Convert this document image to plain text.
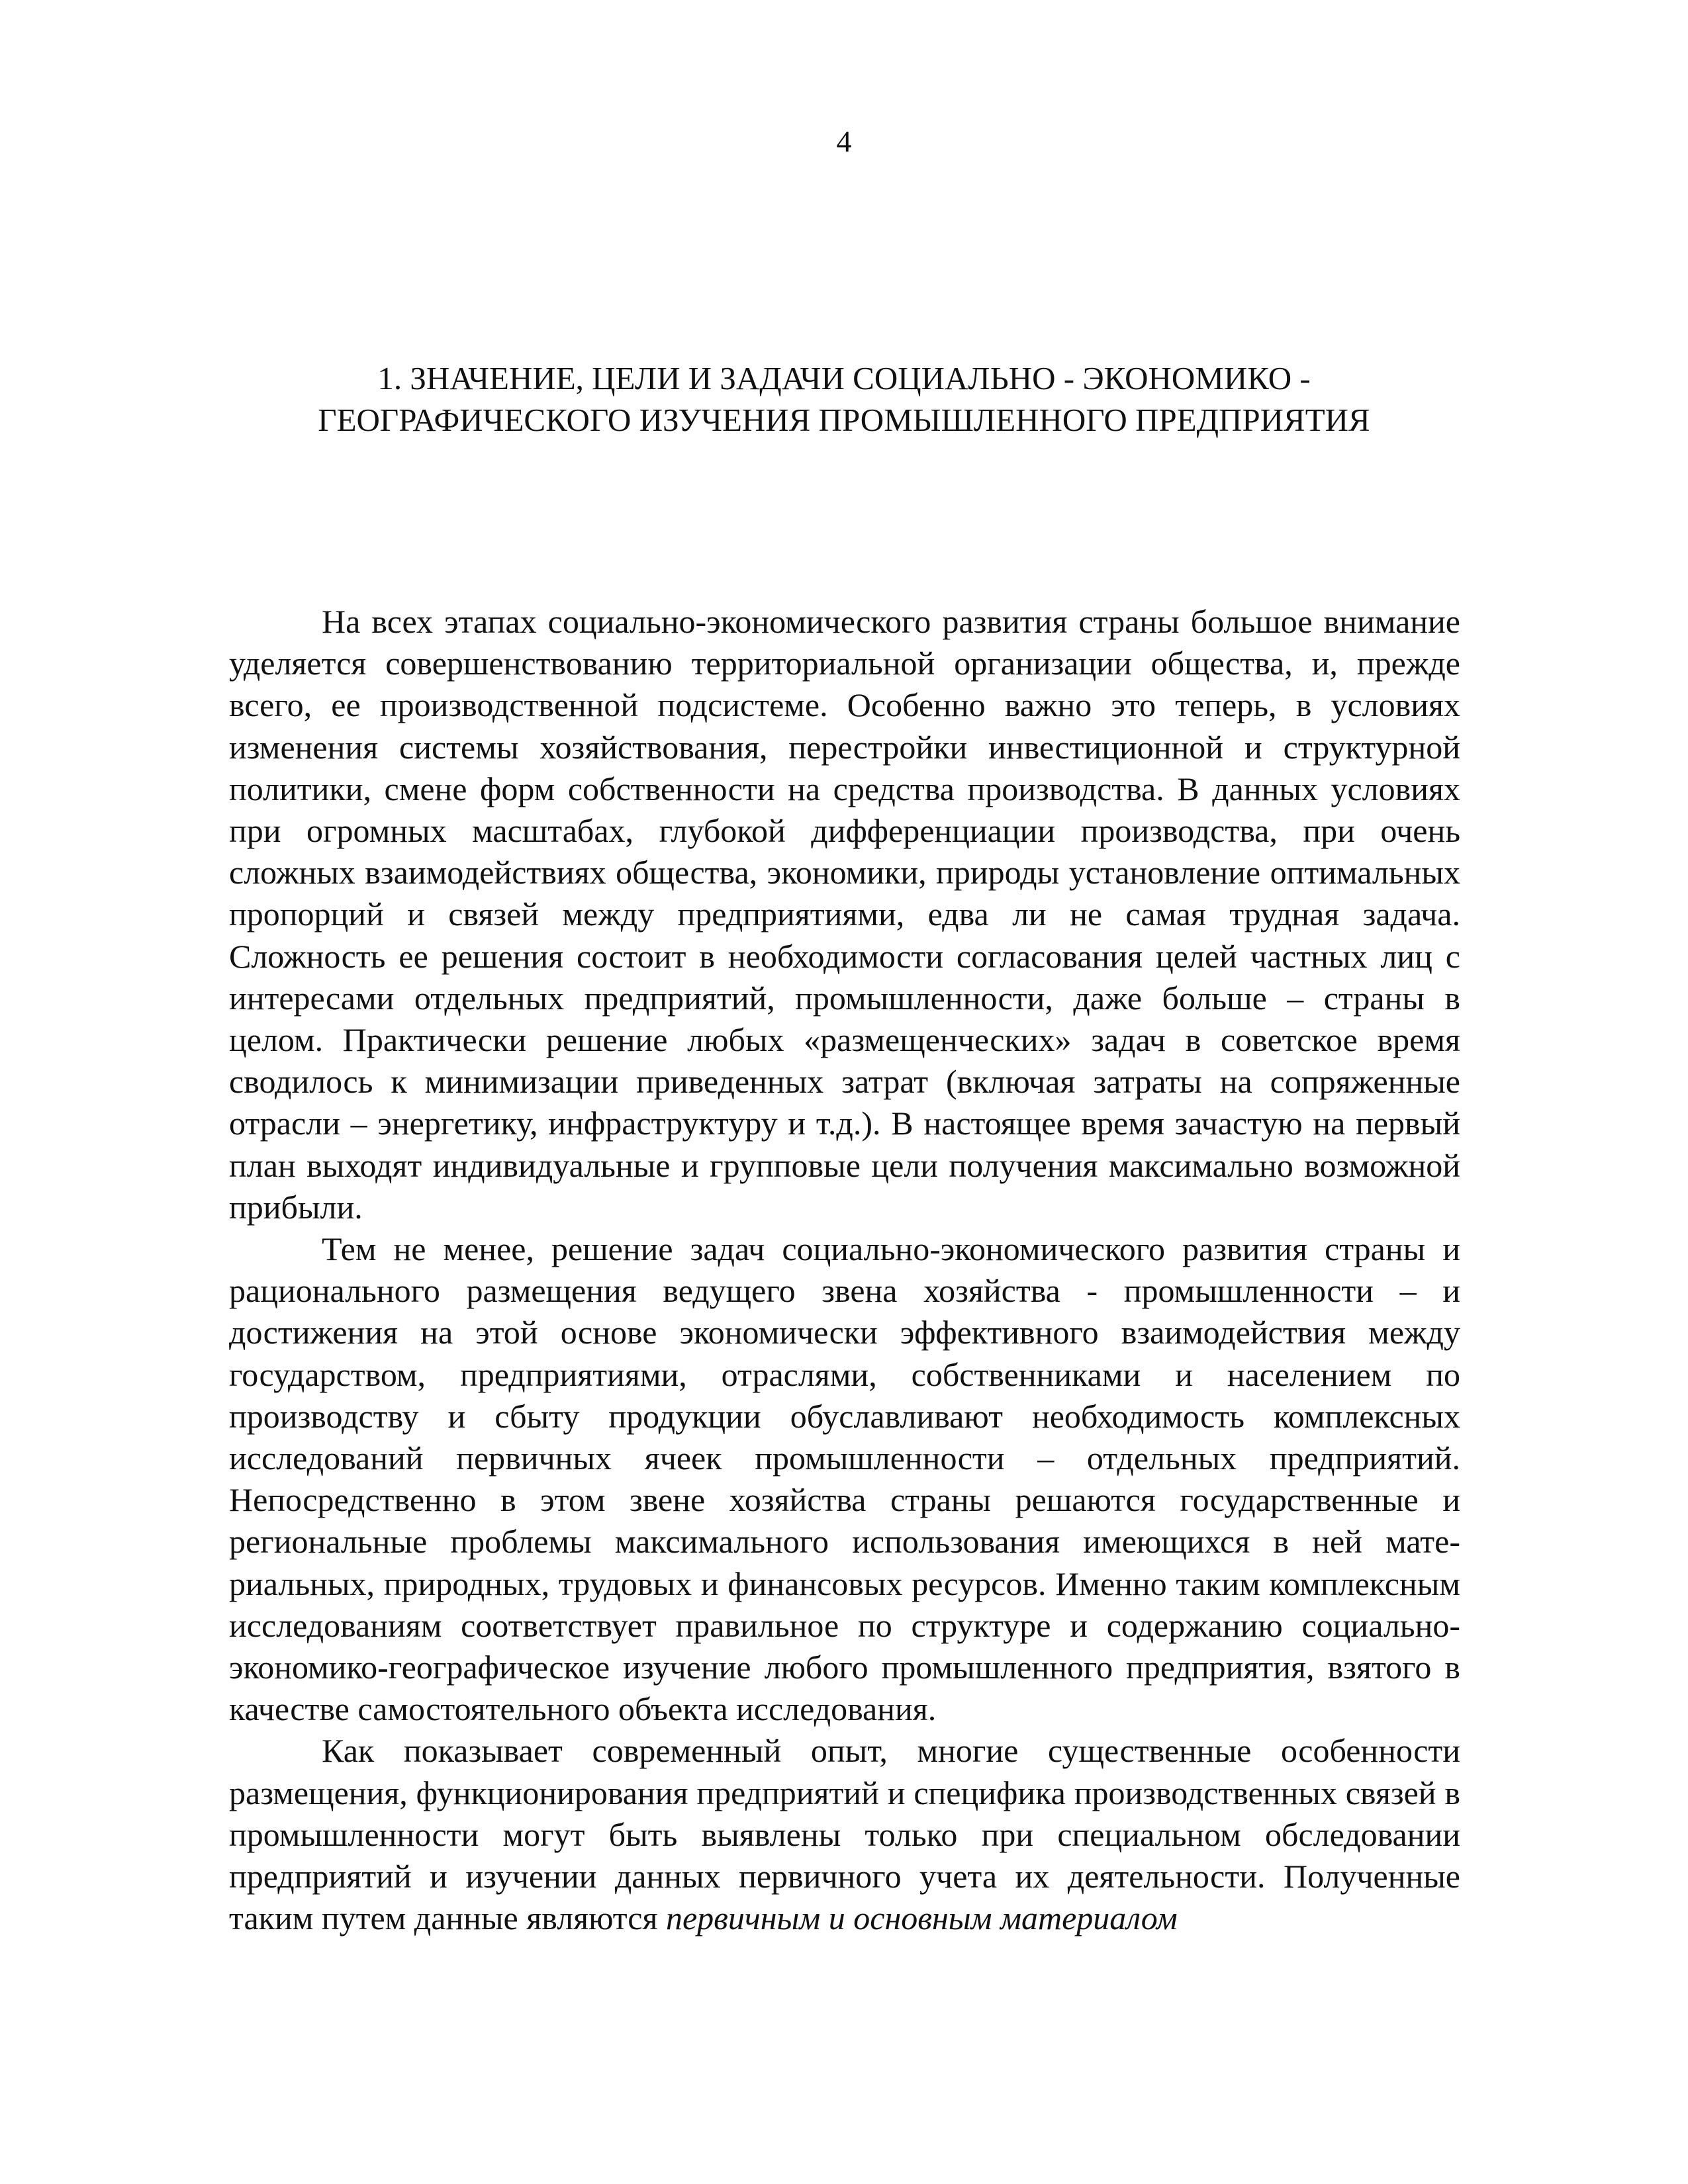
4
1. ЗНАЧЕНИЕ, ЦЕЛИ И ЗАДАЧИ СОЦИАЛЬНО - ЭКОНОМИКО -
ГЕОГРАФИЧЕСКОГО ИЗУЧЕНИЯ ПРОМЫШЛЕННОГО ПРЕДПРИЯТИЯ

На всех этапах социально-экономического развития страны большое внимание уделяется совершенствованию территориальной организации общества, и, прежде всего, ее производственной подсистеме. Особенно важно это теперь, в условиях изменения системы хозяйствования, перестройки инвестиционной и структурной политики, смене форм собственности на средства производства. В данных условиях при огромных масштабах, глубокой дифференциации производства, при очень сложных взаимодействиях общества, экономики, природы установление оптимальных пропорций и связей между предприятиями, едва ли не самая трудная задача. Сложность ее решения состоит в необходимости согласования целей частных лиц с интересами отдельных предприятий, промышленности, даже больше – страны в целом. Практически решение любых «размещенческих» задач в советское время сводилось к минимизации приведенных затрат (включая затраты на сопряженные отрасли – энергетику, инфраструктуру и т.д.). В настоящее время зачастую на первый план выходят индивидуальные и групповые цели получения максимально возможной прибыли.

Тем не менее, решение задач социально-экономического развития страны и рационального размещения ведущего звена хозяйства - промышленности – и достижения на этой основе экономически эффективного взаимодействия между государством, предприятиями, отраслями, собственниками и населением по производству и сбыту продукции обуславливают необходимость комплексных исследований первичных ячеек промышленности – отдельных предприятий. Непосредственно в этом звене хозяйства страны решаются государственные и региональные проблемы максимального использования имеющихся в ней материальных, природных, трудовых и финансовых ресурсов. Именно таким комплексным исследованиям соответствует правильное по структуре и содержанию социально-экономико-географическое изучение любого промышленного предприятия, взятого в качестве самостоятельного объекта исследования.

Как показывает современный опыт, многие существенные особенности размещения, функционирования предприятий и специфика производственных связей в промышленности могут быть выявлены только при специальном обследовании предприятий и изучении данных первичного учета их деятельности. Полученные таким путем данные являются первичным и основным материалом
